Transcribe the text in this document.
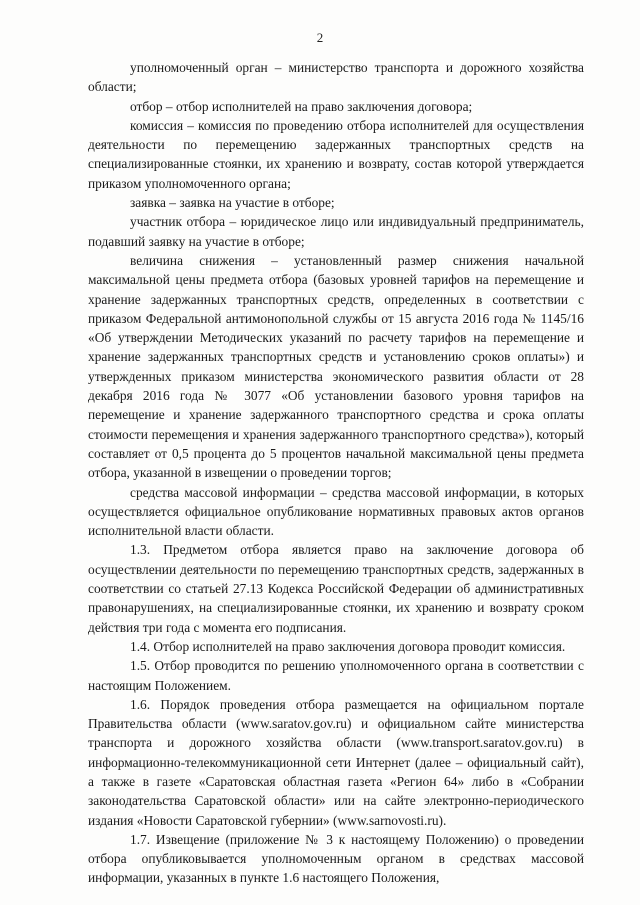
2

уполномоченный орган – министерство транспорта и дорожного хозяйства области;

отбор – отбор исполнителей на право заключения договора;

комиссия – комиссия по проведению отбора исполнителей для осуществления деятельности по перемещению задержанных транспортных средств на специализированные стоянки, их хранению и возврату, состав которой утверждается приказом уполномоченного органа;

заявка – заявка на участие в отборе;

участник отбора – юридическое лицо или индивидуальный предприниматель, подавший заявку на участие в отборе;

величина снижения – установленный размер снижения начальной максимальной цены предмета отбора (базовых уровней тарифов на перемещение и хранение задержанных транспортных средств, определенных в соответствии с приказом Федеральной антимонопольной службы от 15 августа 2016 года № 1145/16 «Об утверждении Методических указаний по расчету тарифов на перемещение и хранение задержанных транспортных средств и установлению сроков оплаты») и утвержденных приказом министерства экономического развития области от 28 декабря 2016 года № 3077 «Об установлении базового уровня тарифов на перемещение и хранение задержанного транспортного средства и срока оплаты стоимости перемещения и хранения задержанного транспортного средства»), который составляет от 0,5 процента до 5 процентов начальной максимальной цены предмета отбора, указанной в извещении о проведении торгов;

средства массовой информации – средства массовой информации, в которых осуществляется официальное опубликование нормативных правовых актов органов исполнительной власти области.

1.3. Предметом отбора является право на заключение договора об осуществлении деятельности по перемещению транспортных средств, задержанных в соответствии со статьей 27.13 Кодекса Российской Федерации об административных правонарушениях, на специализированные стоянки, их хранению и возврату сроком действия три года с момента его подписания.

1.4. Отбор исполнителей на право заключения договора проводит комиссия.

1.5. Отбор проводится по решению уполномоченного органа в соответствии с настоящим Положением.

1.6. Порядок проведения отбора размещается на официальном портале Правительства области (www.saratov.gov.ru) и официальном сайте министерства транспорта и дорожного хозяйства области (www.transport.saratov.gov.ru) в информационно-телекоммуникационной сети Интернет (далее – официальный сайт), а также в газете «Саратовская областная газета «Регион 64» либо в «Собрании законодательства Саратовской области» или на сайте электронно-периодического издания «Новости Саратовской губернии» (www.sarnovosti.ru).

1.7. Извещение (приложение № 3 к настоящему Положению) о проведении отбора опубликовывается уполномоченным органом в средствах массовой информации, указанных в пункте 1.6 настоящего Положения,
